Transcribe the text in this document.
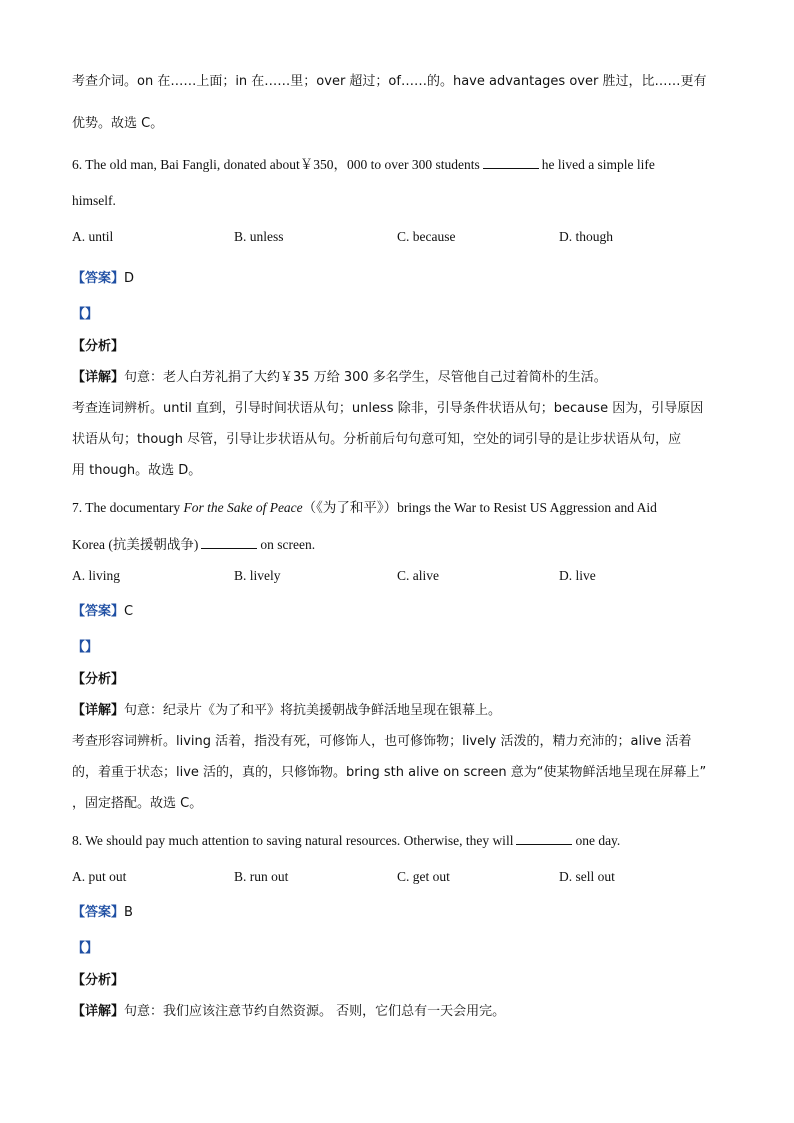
考查介词。on 在……上面；in 在……里；over 超过；of……的。have advantages over 胜过，比……更有
优势。故选 C。
6. The old man, Bai Fangli, donated about￥350，000 to over 300 students	he lived a simple life
himself.
A. until	B. unless	C. because	D. though
【答案】D
【】
【分析】
【详解】句意：老人白芳礼捐了大约￥35 万给 300 多名学生，尽管他自己过着简朴的生活。
考查连词辨析。until 直到，引导时间状语从句；unless 除非，引导条件状语从句；because 因为，引导原因
状语从句；though 尽管，引导让步状语从句。分析前后句句意可知，空处的词引导的是让步状语从句，应
用 though。故选 D。
7. The documentary For the Sake of Peace（《为了和平》）brings the War to Resist US Aggression and Aid
Korea (抗美援朝战争)	on screen.
A. living	B. lively	C. alive	D. live
【答案】C
【】
【分析】
【详解】句意：纪录片《为了和平》将抗美援朝战争鲜活地呈现在银幕上。
考查形容词辨析。living 活着，指没有死，可修饰人，也可修饰物；lively 活泼的，精力充沛的；alive 活着
的，着重于状态；live 活的，真的，只修饰物。bring sth alive on screen 意为“使某物鲜活地呈现在屏幕上”
，固定搭配。故选 C。
8. We should pay much attention to saving natural resources. Otherwise, they will	one day.
A. put out	B. run out	C. get out	D. sell out
【答案】B
【】
【分析】
【详解】句意：我们应该注意节约自然资源。 否则，它们总有一天会用完。
